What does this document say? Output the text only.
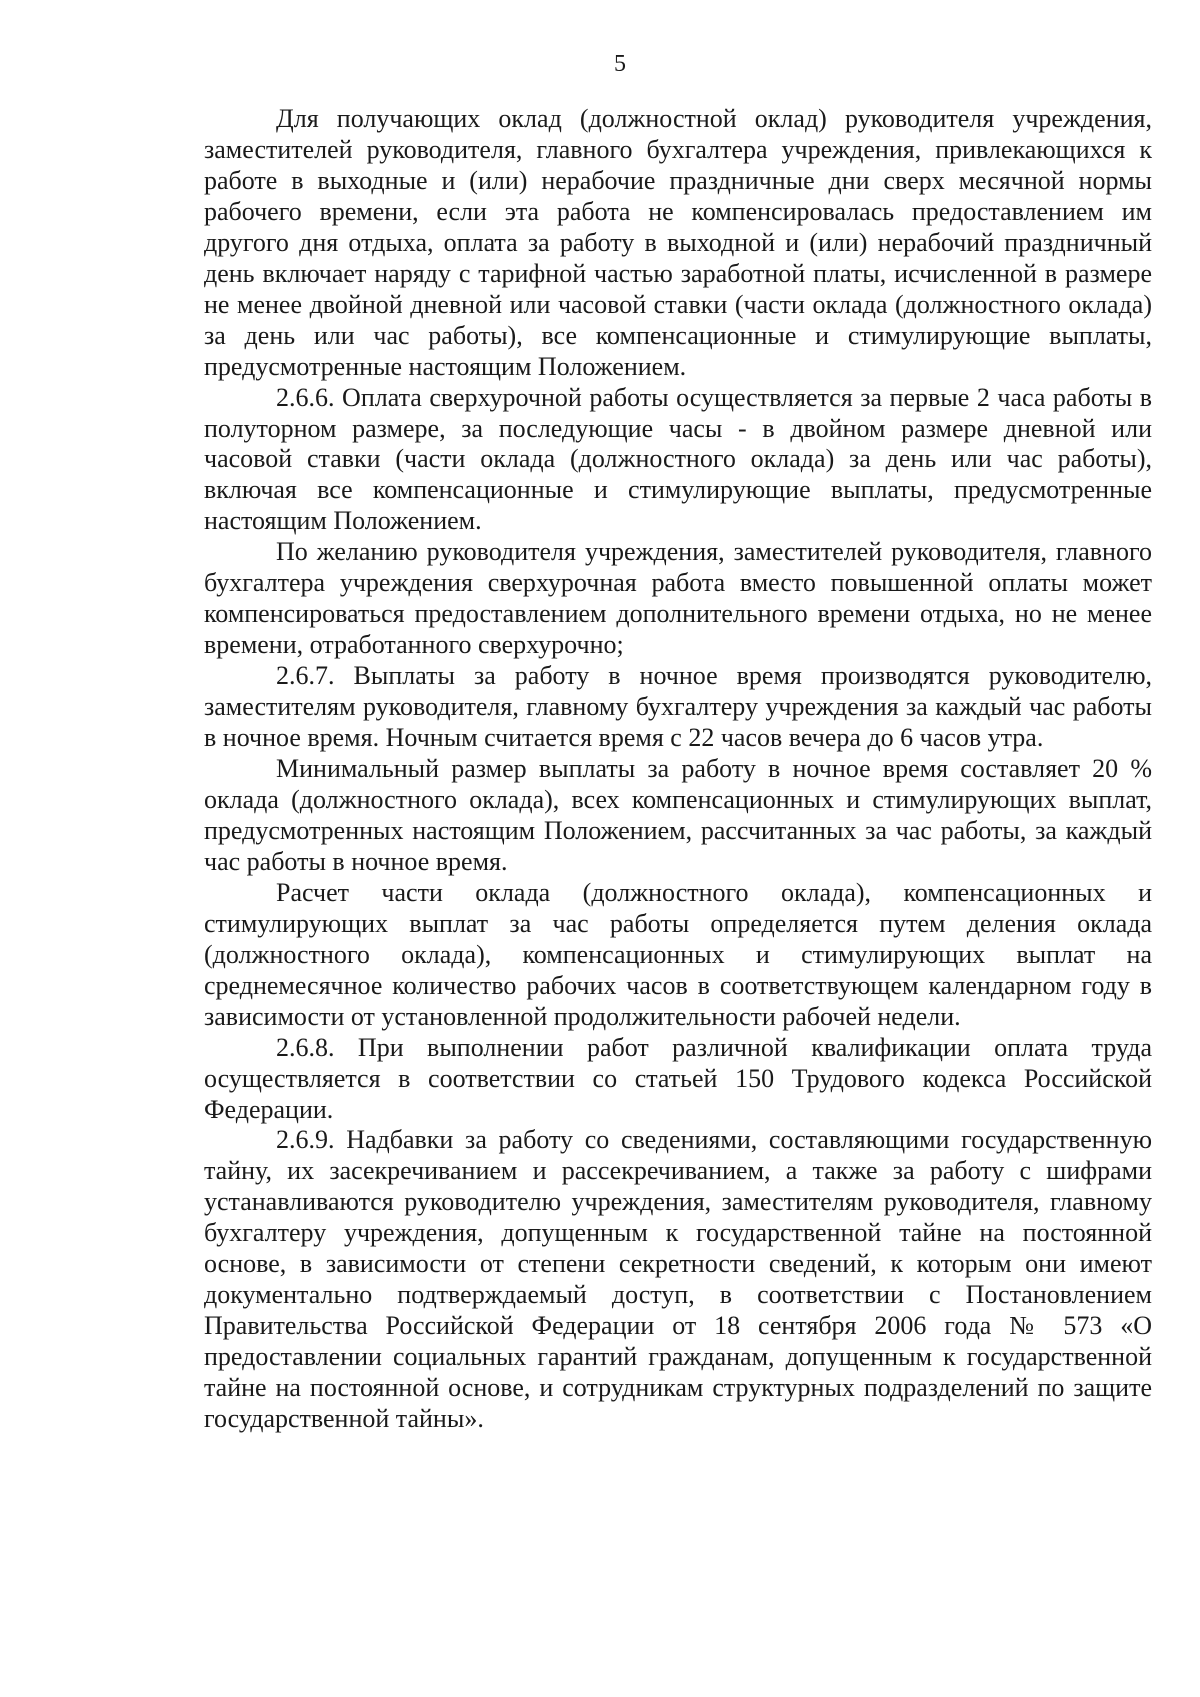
5

Для получающих оклад (должностной оклад) руководителя учреждения, заместителей руководителя, главного бухгалтера учреждения, привлекающихся к работе в выходные и (или) нерабочие праздничные дни сверх месячной нормы рабочего времени, если эта работа не компенсировалась предоставлением им другого дня отдыха, оплата за работу в выходной и (или) нерабочий праздничный день включает наряду с тарифной частью заработной платы, исчисленной в размере не менее двойной дневной или часовой ставки (части оклада (должностного оклада) за день или час работы), все компенсационные и стимулирующие выплаты, предусмотренные настоящим Положением.

2.6.6. Оплата сверхурочной работы осуществляется за первые 2 часа работы в полуторном размере, за последующие часы - в двойном размере дневной или часовой ставки (части оклада (должностного оклада) за день или час работы), включая все компенсационные и стимулирующие выплаты, предусмотренные настоящим Положением.

По желанию руководителя учреждения, заместителей руководителя, главного бухгалтера учреждения сверхурочная работа вместо повышенной оплаты может компенсироваться предоставлением дополнительного времени отдыха, но не менее времени, отработанного сверхурочно;

2.6.7. Выплаты за работу в ночное время производятся руководителю, заместителям руководителя, главному бухгалтеру учреждения за каждый час работы в ночное время. Ночным считается время с 22 часов вечера до 6 часов утра.

Минимальный размер выплаты за работу в ночное время составляет 20 % оклада (должностного оклада), всех компенсационных и стимулирующих выплат, предусмотренных настоящим Положением, рассчитанных за час работы, за каждый час работы в ночное время.

Расчет части оклада (должностного оклада), компенсационных и стимулирующих выплат за час работы определяется путем деления оклада (должностного оклада), компенсационных и стимулирующих выплат на среднемесячное количество рабочих часов в соответствующем календарном году в зависимости от установленной продолжительности рабочей недели.

2.6.8. При выполнении работ различной квалификации оплата труда осуществляется в соответствии со статьей 150 Трудового кодекса Российской Федерации.

2.6.9. Надбавки за работу со сведениями, составляющими государственную тайну, их засекречиванием и рассекречиванием, а также за работу с шифрами устанавливаются руководителю учреждения, заместителям руководителя, главному бухгалтеру учреждения, допущенным к государственной тайне на постоянной основе, в зависимости от степени секретности сведений, к которым они имеют документально подтверждаемый доступ, в соответствии с Постановлением Правительства Российской Федерации от 18 сентября 2006 года № 573 «О предоставлении социальных гарантий гражданам, допущенным к государственной тайне на постоянной основе, и сотрудникам структурных подразделений по защите государственной тайны».
